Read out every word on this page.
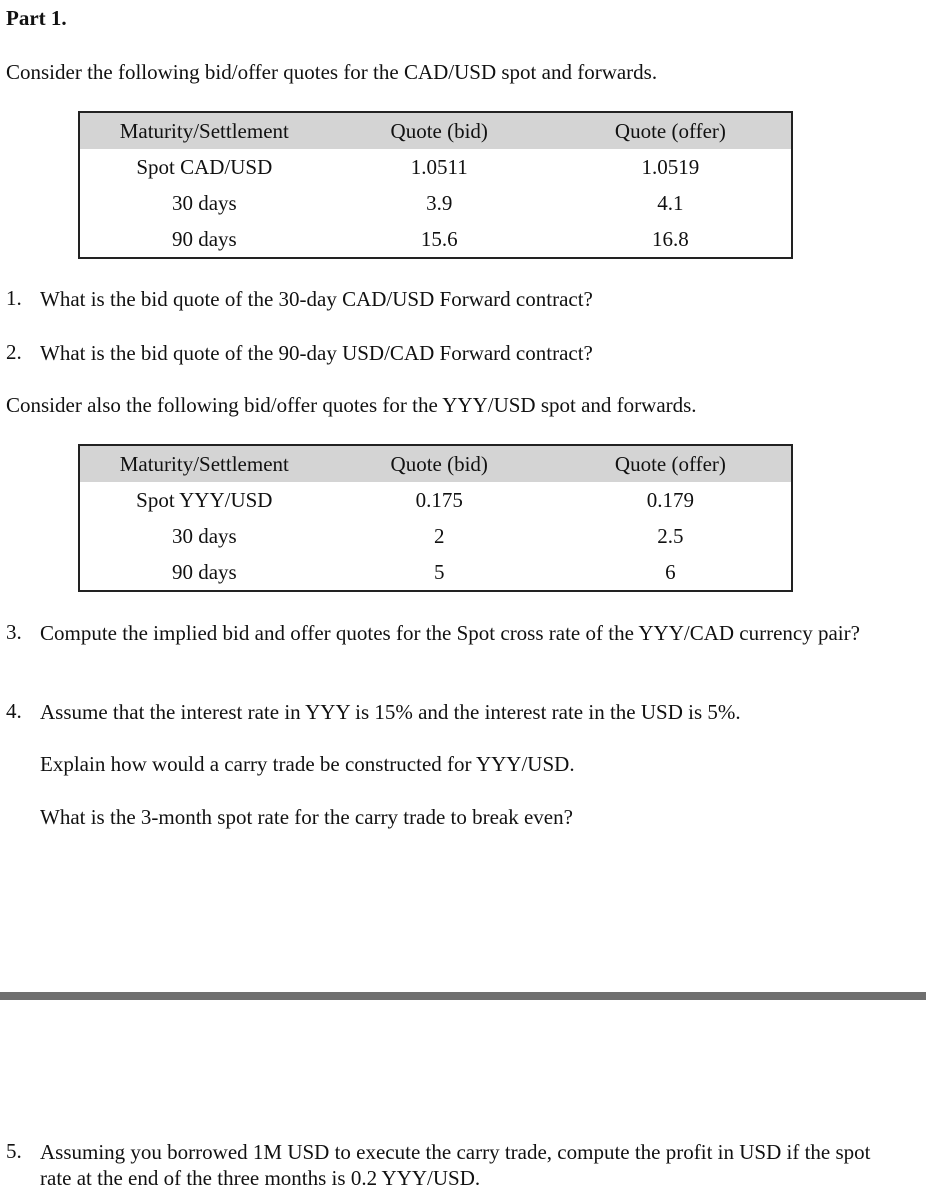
Part 1.
Consider the following bid/offer quotes for the CAD/USD spot and forwards.
Maturity/Settlement	Quote (bid)	Quote (offer)
Spot CAD/USD	1.0511	1.0519
30 days	3.9	4.1
90 days	15.6	16.8
1. What is the bid quote of the 30-day CAD/USD Forward contract?
2. What is the bid quote of the 90-day USD/CAD Forward contract?
Consider also the following bid/offer quotes for the YYY/USD spot and forwards.
Maturity/Settlement	Quote (bid)	Quote (offer)
Spot YYY/USD	0.175	0.179
30 days	2	2.5
90 days	5	6
3. Compute the implied bid and offer quotes for the Spot cross rate of the YYY/CAD currency pair?
4. Assume that the interest rate in YYY is 15% and the interest rate in the USD is 5%.
Explain how would a carry trade be constructed for YYY/USD.
What is the 3-month spot rate for the carry trade to break even?
5. Assuming you borrowed 1M USD to execute the carry trade, compute the profit in USD if the spot rate at the end of the three months is 0.2 YYY/USD.
